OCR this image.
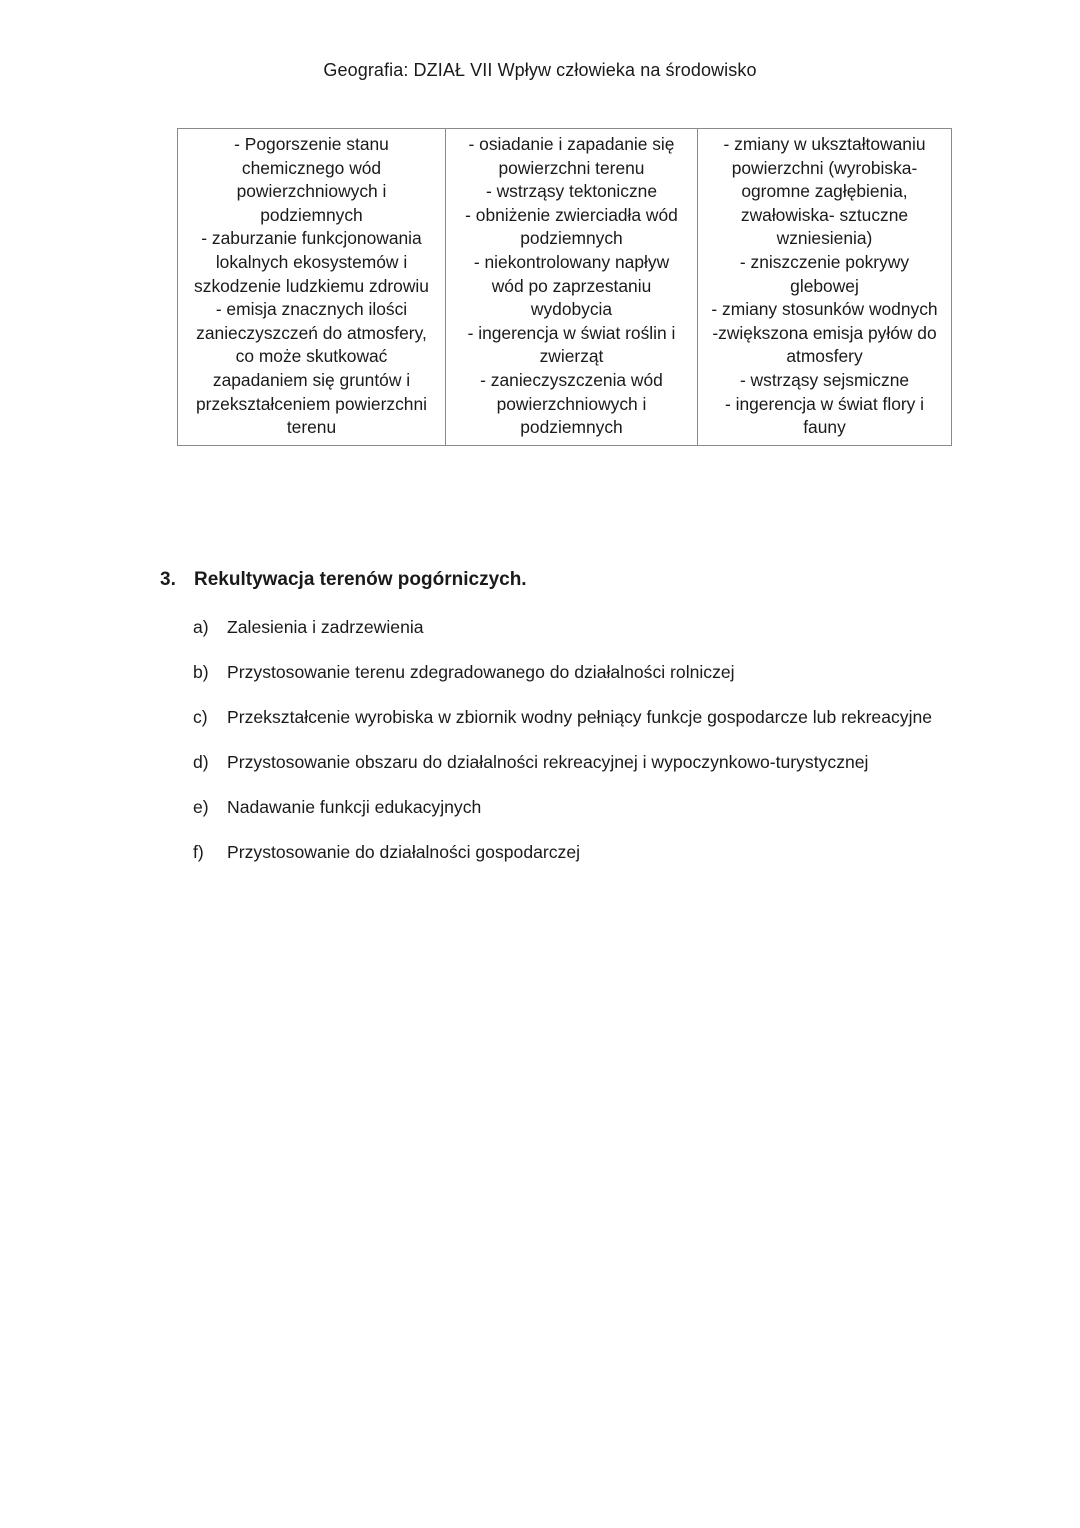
Geografia: DZIAŁ VII Wpływ człowieka na środowisko
- Pogorszenie stanu
chemicznego wód
powierzchniowych i
podziemnych
- zaburzanie funkcjonowania
lokalnych ekosystemów i
szkodzenie ludzkiemu zdrowiu
- emisja znacznych ilości
zanieczyszczeń do atmosfery,
co może skutkować
zapadaniem się gruntów i
przekształceniem powierzchni
terenu

- osiadanie i zapadanie się
powierzchni terenu
- wstrząsy tektoniczne
- obniżenie zwierciadła wód
podziemnych
- niekontrolowany napływ
wód po zaprzestaniu
wydobycia
- ingerencja w świat roślin i
zwierząt
- zanieczyszczenia wód
powierzchniowych i
podziemnych

- zmiany w ukształtowaniu
powierzchni (wyrobiska-
ogromne zagłębienia,
zwałowiska- sztuczne
wzniesienia)
- zniszczenie pokrywy
glebowej
- zmiany stosunków wodnych
-zwiększona emisja pyłów do
atmosfery
- wstrząsy sejsmiczne
- ingerencja w świat flory i
fauny
3. Rekultywacja terenów pogórniczych.
a)	Zalesienia i zadrzewienia
b)	Przystosowanie terenu zdegradowanego do działalności rolniczej
c)	Przekształcenie wyrobiska w zbiornik wodny pełniący funkcje gospodarcze lub rekreacyjne
d)	Przystosowanie obszaru do działalności rekreacyjnej i wypoczynkowo-turystycznej
e)	Nadawanie funkcji edukacyjnych
f)	Przystosowanie do działalności gospodarczej
